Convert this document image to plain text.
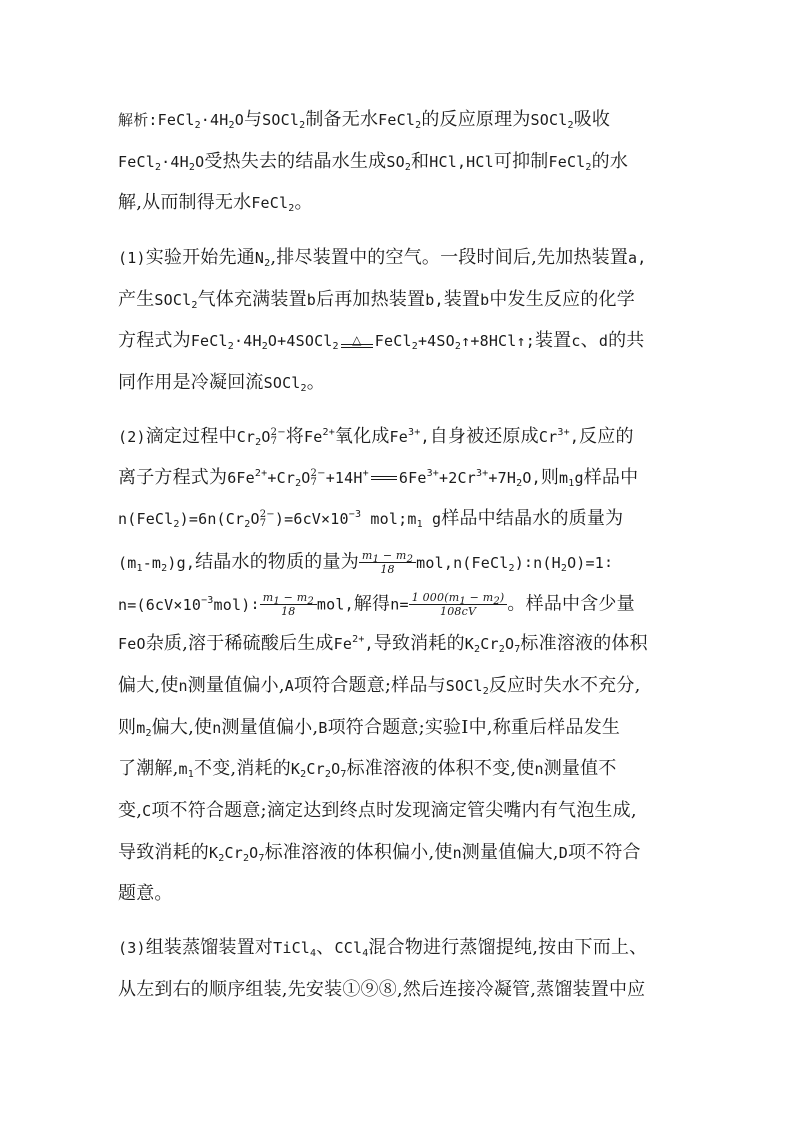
解析$:FeCl_2\cdot 4H_2O$与SOCl$_2$制备无水FeCl$_2$的反应原理为SOCl$_2$吸收
$FeCl_2\cdot 4H_2O$受热失去的结晶水生成$SO_2$和HCl,HCl可抑制FeCl$_2$的水
解,从而制得无水FeCl$_2$。
(1)实验开始先通$N_2$,排尽装置中的空气。一段时间后,先加热装置a,
产生SOCl$_2$气体充满装置b后再加热装置b,装置b中发生反应的化学
方程式为$FeCl_2\cdot 4H_2O+4SOCl_2$	△ $FeCl_2+4SO_2↑+8HCl↑$;装置c、d的共
同作用是冷凝回流SOCl$_2$。
(2)滴定过程中$Cr_2O$ 2−
7 将$Fe^{2+}$氧化成$Fe^{3+}$,自身被还原成$Cr^{3+}$,反应的
离子方程式为$6Fe^{2+}+Cr_2O$ 2−
7 +14H+ $6Fe^{3+}+2Cr^{3+}+7H_2O$,则$m_1g$样品中
$n(FeCl_2)=6n(Cr_2O$ 2−
7 )$=6cV\times 10^{-3}$ $mol;m_1$ g样品中结晶水的质量为
$(m_1-m_2)g$,结晶水的物质的量为 $\frac{m_1 - m_2}{18}$ $mol,n(FeCl_2)∶n(H_2O)=1∶$
$n=(6cV\times 10^{-3}mol)∶ \frac{m_1 - m_2}{18}$ mol,解得$n= \frac{1 000(m_1 - m_2)}{108cV}$ 。样品中含少量
FeO杂质,溶于稀硫酸后生成$Fe^{2+}$,导致消耗的$K_2Cr_2O_7$标准溶液的体积
偏大,使n测量值偏小,A项符合题意;样品与SOCl$_2$反应时失水不充分,
则$m_2$偏大,使n测量值偏小,B项符合题意;实验Ⅰ中,称重后样品发生
了潮解$,m_1$不变,消耗的$K_2Cr_2O_7$标准溶液的体积不变,使n测量值不
变,C项不符合题意;滴定达到终点时发现滴定管尖嘴内有气泡生成,
导致消耗的$K_2Cr_2O_7$标准溶液的体积偏小,使n测量值偏大,D项不符合
题意。
(3)组装蒸馏装置对TiCl$_4$、CCl$_4$混合物进行蒸馏提纯,按由下而上、
从左到右的顺序组装,先安装①⑨⑧,然后连接冷凝管,蒸馏装置中应
